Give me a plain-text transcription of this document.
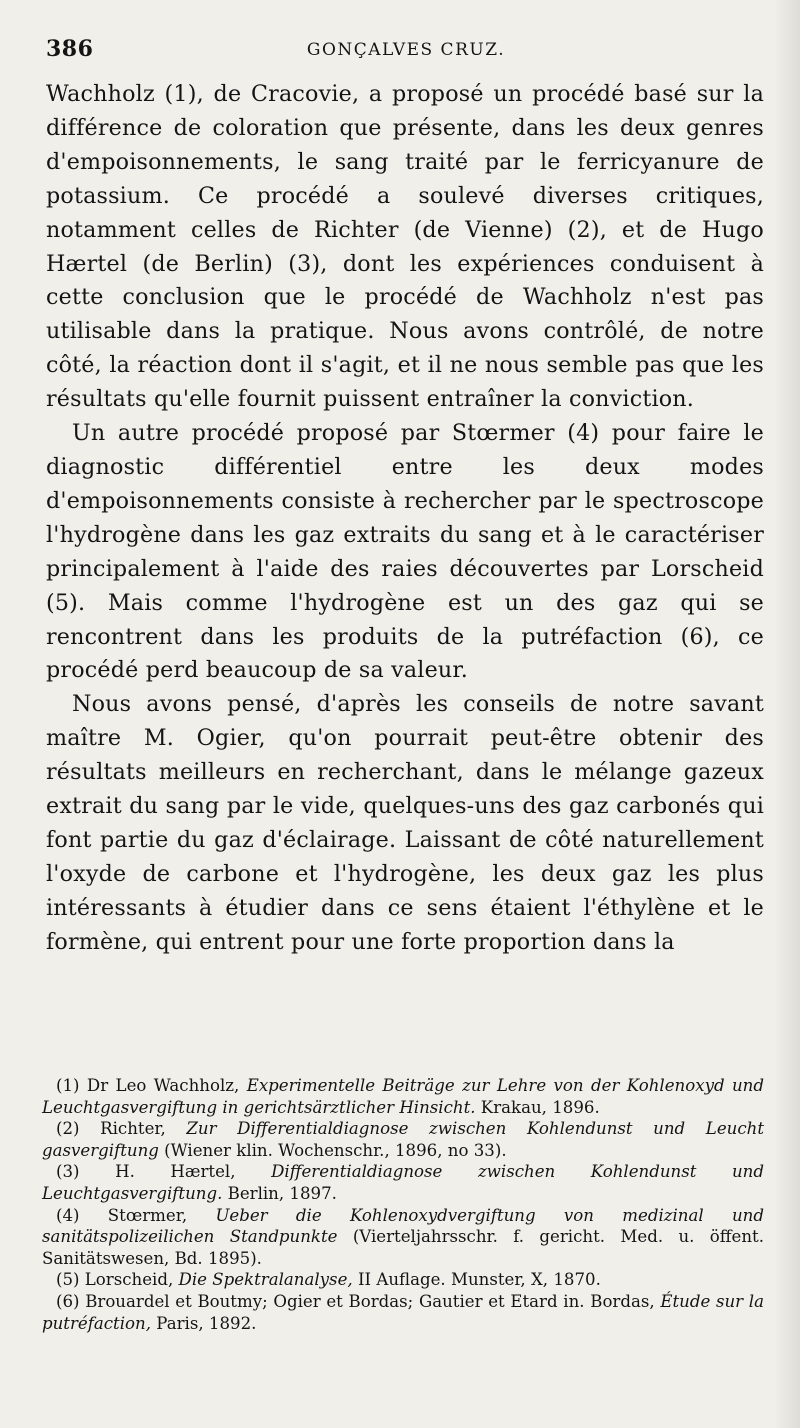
386	GONÇALVES CRUZ.

Wachholz (1), de Cracovie, a proposé un procédé basé sur la différence de coloration que présente, dans les deux genres d'empoisonnements, le sang traité par le ferricyanure de potassium. Ce procédé a soulevé diverses critiques, notamment celles de Richter (de Vienne) (2), et de Hugo Hærtel (de Berlin) (3), dont les expériences conduisent à cette conclusion que le procédé de Wachholz n'est pas utilisable dans la pratique. Nous avons contrôlé, de notre côté, la réaction dont il s'agit, et il ne nous semble pas que les résultats qu'elle fournit puissent entraîner la conviction.

Un autre procédé proposé par Stœrmer (4) pour faire le diagnostic différentiel entre les deux modes d'empoisonnements consiste à rechercher par le spectroscope l'hydrogène dans les gaz extraits du sang et à le caractériser principalement à l'aide des raies découvertes par Lorscheid (5). Mais comme l'hydrogène est un des gaz qui se rencontrent dans les produits de la putréfaction (6), ce procédé perd beaucoup de sa valeur.

Nous avons pensé, d'après les conseils de notre savant maître M. Ogier, qu'on pourrait peut-être obtenir des résultats meilleurs en recherchant, dans le mélange gazeux extrait du sang par le vide, quelques-uns des gaz carbonés qui font partie du gaz d'éclairage. Laissant de côté naturellement l'oxyde de carbone et l'hydrogène, les deux gaz les plus intéressants à étudier dans ce sens étaient l'éthylène et le formène, qui entrent pour une forte proportion dans la

(1) Dr Leo Wachholz, Experimentelle Beiträge zur Lehre von der Kohlenoxyd und Leuchtgasvergiftung in gerichtsärztlicher Hinsicht. Krakau, 1896.

(2) Richter, Zur Differentialdiagnose zwischen Kohlendunst und Leucht gasvergiftung (Wiener klin. Wochenschr., 1896, no 33).

(3) H. Hærtel, Differentialdiagnose zwischen Kohlendunst und Leuchtgasvergiftung. Berlin, 1897.

(4) Stœrmer, Ueber die Kohlenoxydvergiftung von medizinal und sanitätspolizeilichen Standpunkte (Vierteljahrsschr. f. gericht. Med. u. öffent. Sanitätswesen, Bd. 1895).

(5) Lorscheid, Die Spektralanalyse, II Auflage. Munster, X, 1870.

(6) Brouardel et Boutmy; Ogier et Bordas; Gautier et Etard in. Bordas, Étude sur la putréfaction, Paris, 1892.
